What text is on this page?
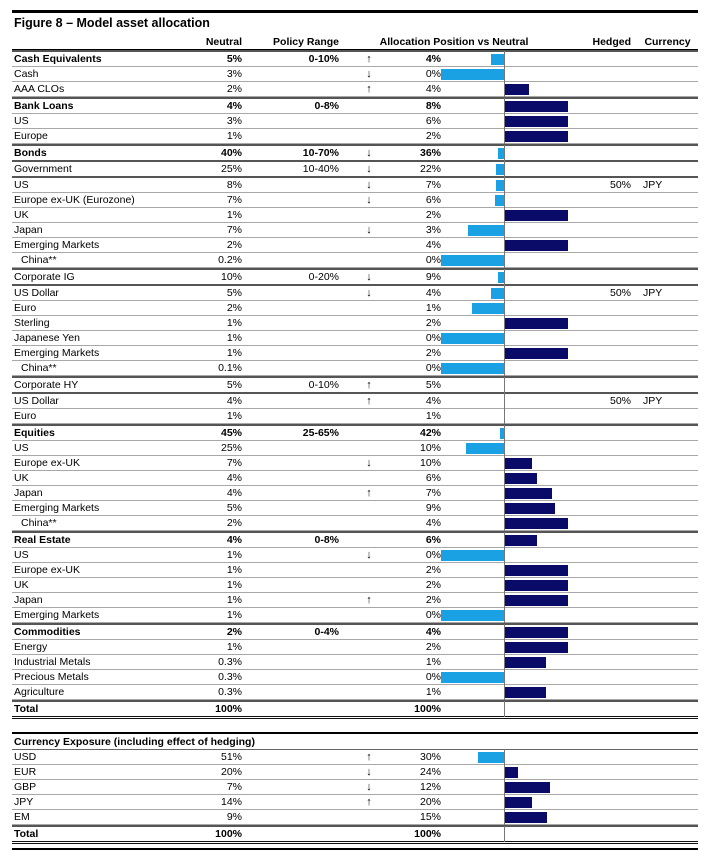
Figure 8 – Model asset allocation
Neutral	Policy Range	Allocation Position vs Neutral	Hedged	Currency
Cash Equivalents	5%	0-10%	↑	4%
Cash	3%	↓	0%
AAA CLOs	2%	↑	4%
Bank Loans	4%	0-8%	8%
US	3%	6%
Europe	1%	2%
Bonds	40%	10-70%	↓	36%
Government	25%	10-40%	↓	22%
US	8%	↓	7%	50%	JPY
Europe ex-UK (Eurozone)	7%	↓	6%
UK	1%	2%
Japan	7%	↓	3%
Emerging Markets	2%	4%
China**	0.2%	0%
Corporate IG	10%	0-20%	↓	9%
US Dollar	5%	↓	4%	50%	JPY
Euro	2%	1%
Sterling	1%	2%
Japanese Yen	1%	0%
Emerging Markets	1%	2%
China**	0.1%	0%
Corporate HY	5%	0-10%	↑	5%
US Dollar	4%	↑	4%	50%	JPY
Euro	1%	1%
Equities	45%	25-65%	42%
US	25%	10%
Europe ex-UK	7%	↓	10%
UK	4%	6%
Japan	4%	↑	7%
Emerging Markets	5%	9%
China**	2%	4%
Real Estate	4%	0-8%	6%
US	1%	↓	0%
Europe ex-UK	1%	2%
UK	1%	2%
Japan	1%	↑	2%
Emerging Markets	1%	0%
Commodities	2%	0-4%	4%
Energy	1%	2%
Industrial Metals	0.3%	1%
Precious Metals	0.3%	0%
Agriculture	0.3%	1%
Total	100%	100%
Currency Exposure (including effect of hedging)
USD	51%	↑	30%
EUR	20%	↓	24%
GBP	7%	↓	12%
JPY	14%	↑	20%
EM	9%	15%
Total	100%	100%
